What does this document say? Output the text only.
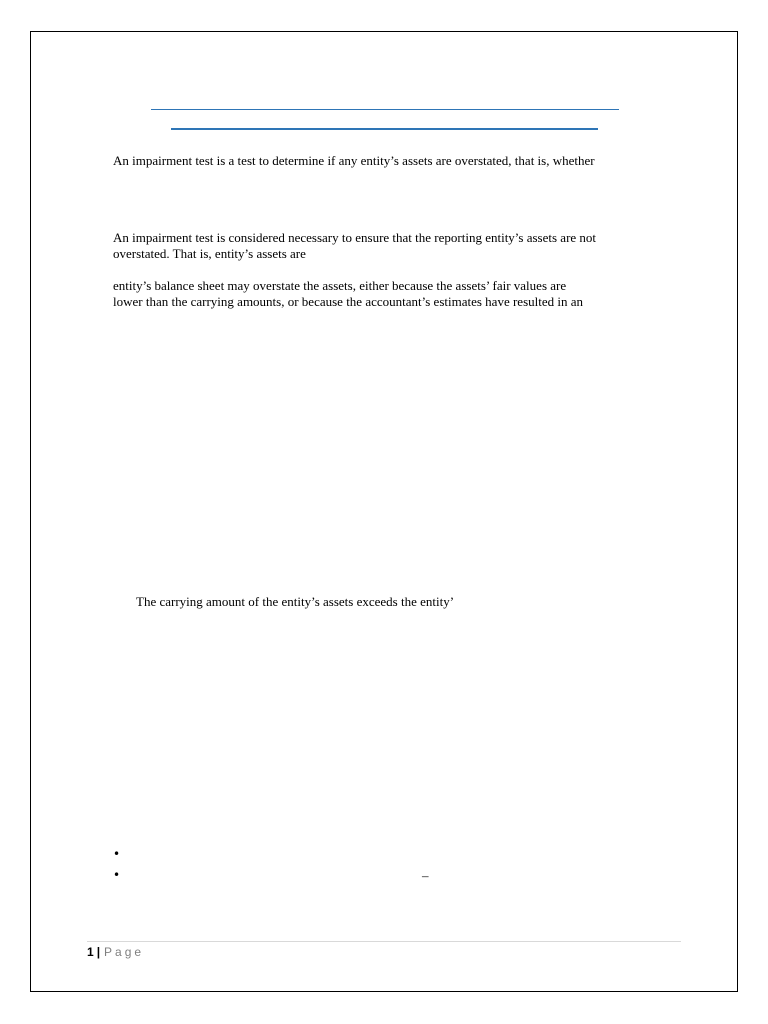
An impairment test is a test to determine if any entity’s assets are overstated, that is, whether

An impairment test is considered necessary to ensure that the reporting entity’s assets are not
overstated. That is, entity’s assets are

entity’s balance sheet may overstate the assets, either because the assets’ fair values are
lower than the carrying amounts, or because the accountant’s estimates have resulted in an

The carrying amount of the entity’s assets exceeds the entity’

•
•	–
1 | Page
